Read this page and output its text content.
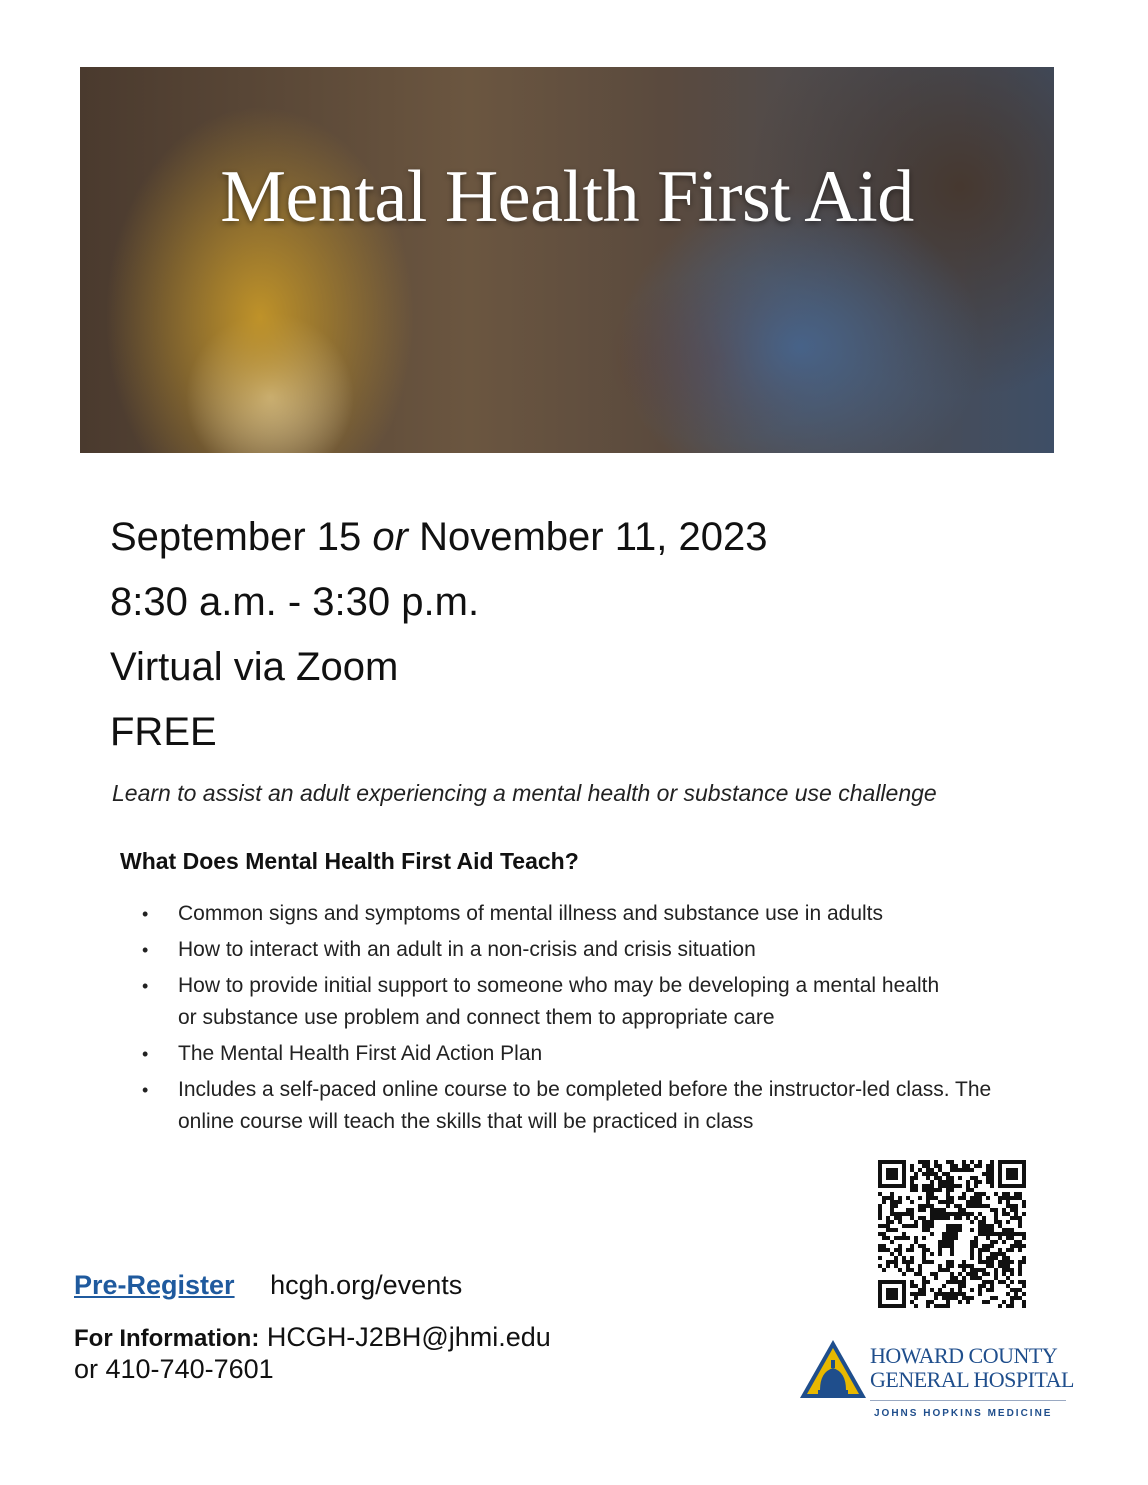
Mental Health First Aid
September 15 or November 11, 2023
8:30 a.m. - 3:30 p.m.
Virtual via Zoom
FREE

Learn to assist an adult experiencing a mental health or substance use challenge

What Does Mental Health First Aid Teach?
• Common signs and symptoms of mental illness and substance use in adults
• How to interact with an adult in a non-crisis and crisis situation
• How to provide initial support to someone who may be developing a mental health or substance use problem and connect them to appropriate care
• The Mental Health First Aid Action Plan
• Includes a self-paced online course to be completed before the instructor-led class. The online course will teach the skills that will be practiced in class
Pre-Register hcgh.org/events
For Information: HCGH-J2BH@jhmi.edu
or 410-740-7601	HOWARD COUNTY
GENERAL HOSPITAL
JOHNS HOPKINS MEDICINE
